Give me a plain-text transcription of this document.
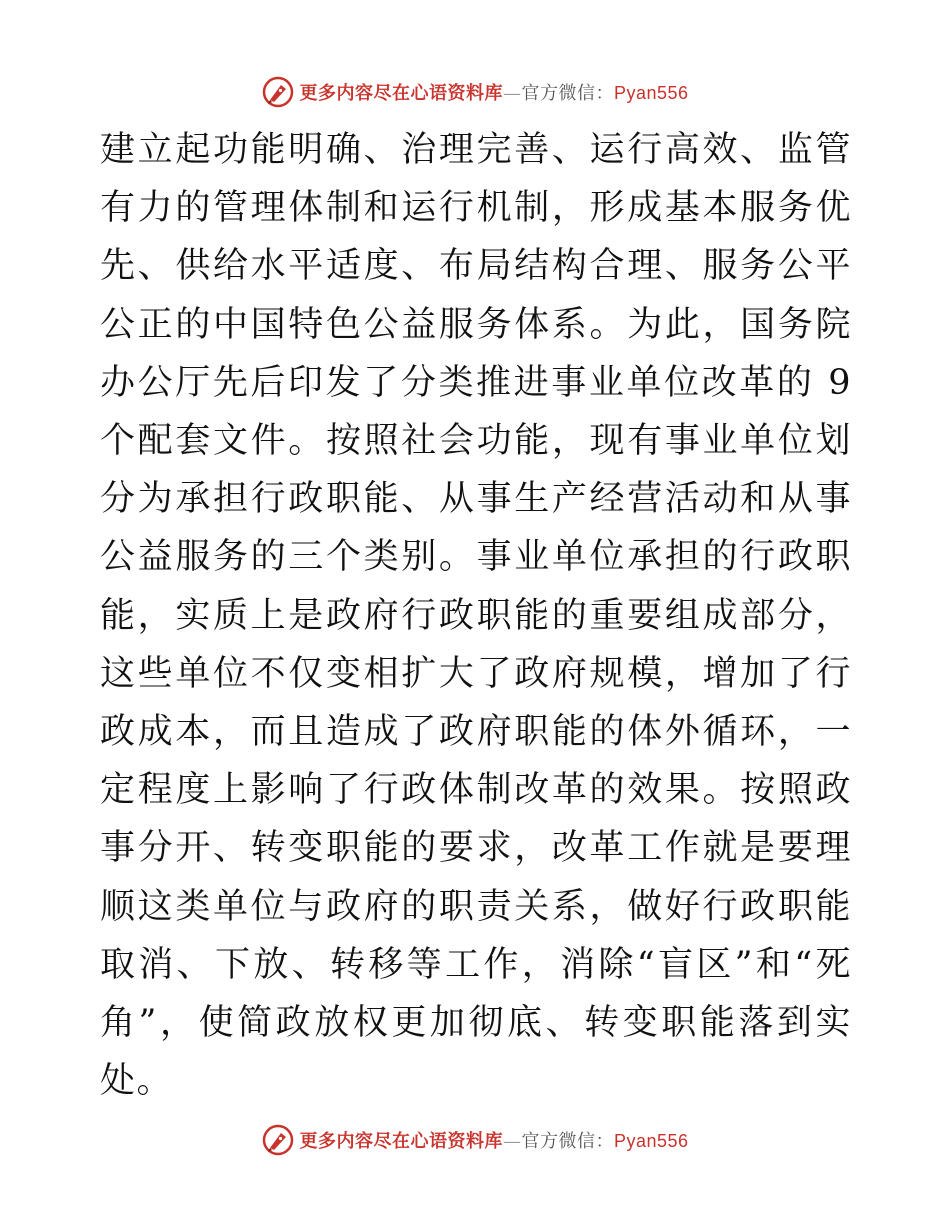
更多内容尽在心语资料库—官方微信：Pyan556

建立起功能明确、治理完善、运行高效、监管有力的管理体制和运行机制，形成基本服务优先、供给水平适度、布局结构合理、服务公平公正的中国特色公益服务体系。为此，国务院办公厅先后印发了分类推进事业单位改革的 9 个配套文件。按照社会功能，现有事业单位划分为承担行政职能、从事生产经营活动和从事公益服务的三个类别。事业单位承担的行政职能，实质上是政府行政职能的重要组成部分，这些单位不仅变相扩大了政府规模，增加了行政成本，而且造成了政府职能的体外循环，一定程度上影响了行政体制改革的效果。按照政事分开、转变职能的要求，改革工作就是要理顺这类单位与政府的职责关系，做好行政职能取消、下放、转移等工作，消除“盲区”和“死角”，使简政放权更加彻底、转变职能落到实处。

更多内容尽在心语资料库—官方微信：Pyan556
